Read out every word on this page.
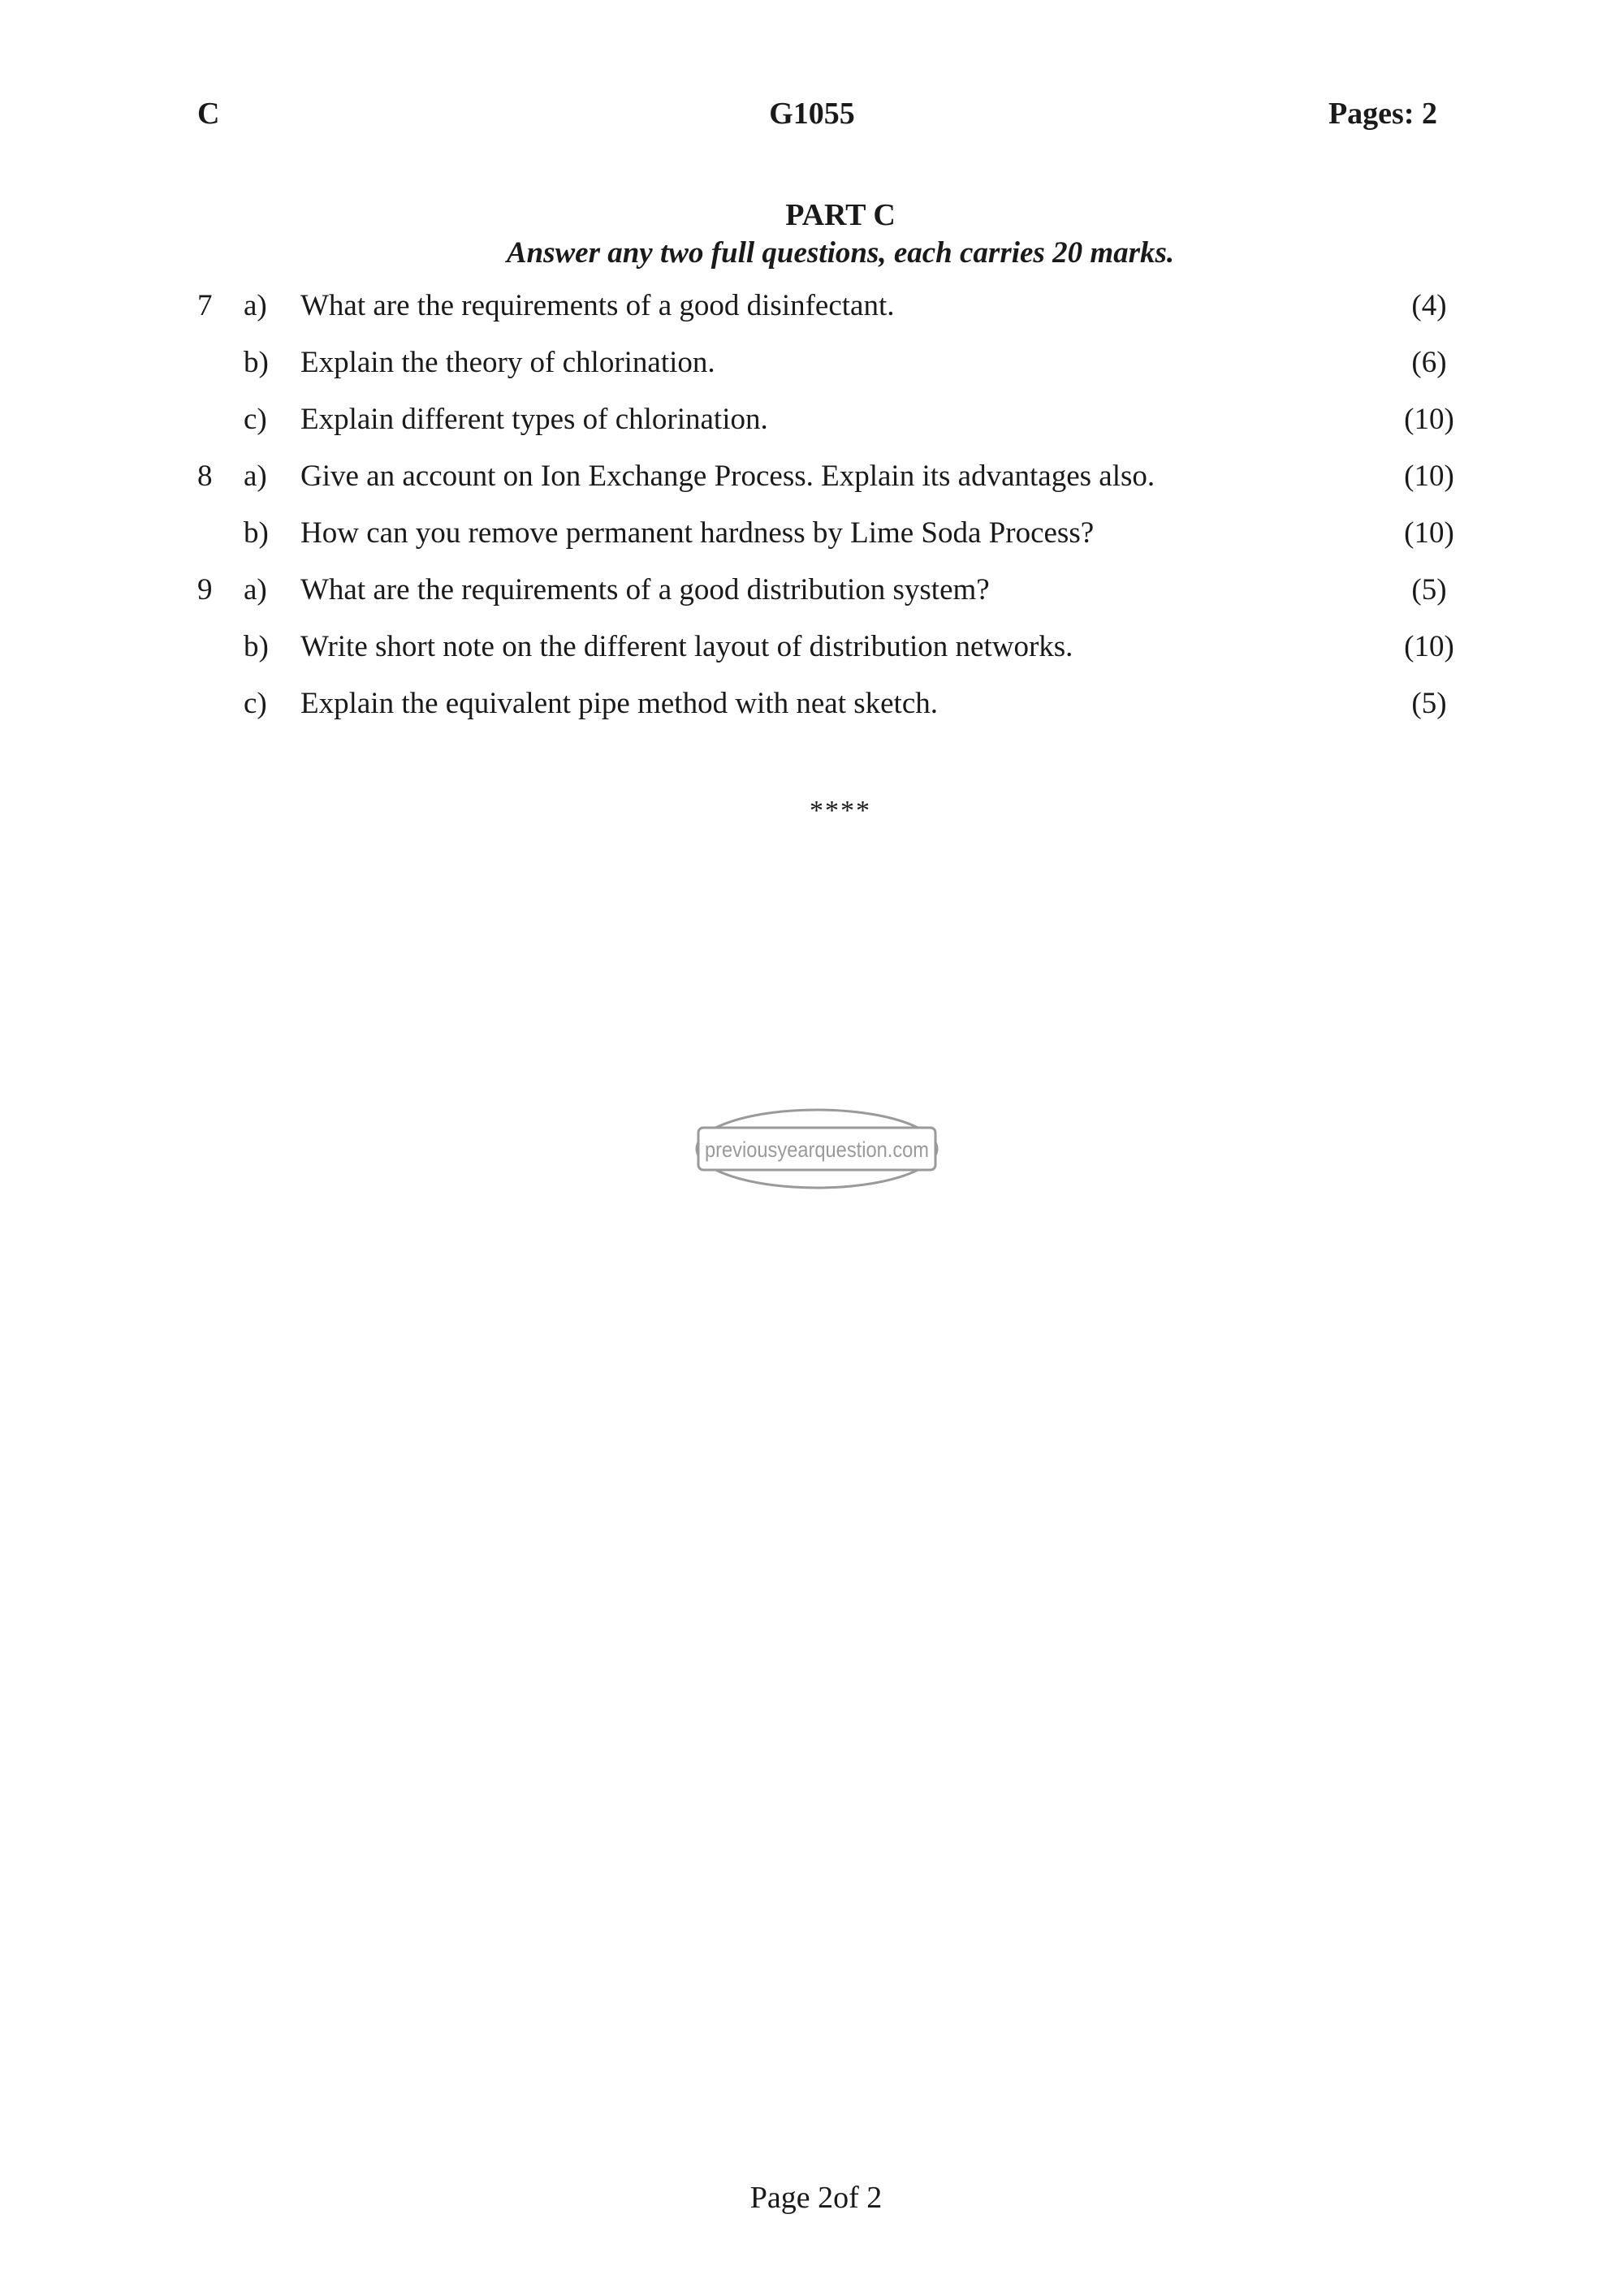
C	G1055	Pages: 2
PART C
Answer any two full questions, each carries 20 marks.
7	a)	What are the requirements of a good disinfectant.	(4)
b)	Explain the theory of chlorination.	(6)
c)	Explain different types of chlorination.	(10)
8	a)	Give an account on Ion Exchange Process. Explain its advantages also.	(10)
b)	How can you remove permanent hardness by Lime Soda Process?	(10)
9	a)	What are the requirements of a good distribution system?	(5)
b)	Write short note on the different layout of distribution networks.	(10)
c)	Explain the equivalent pipe method with neat sketch.	(5)
****
previousyearquestion.com
Page 2of 2
